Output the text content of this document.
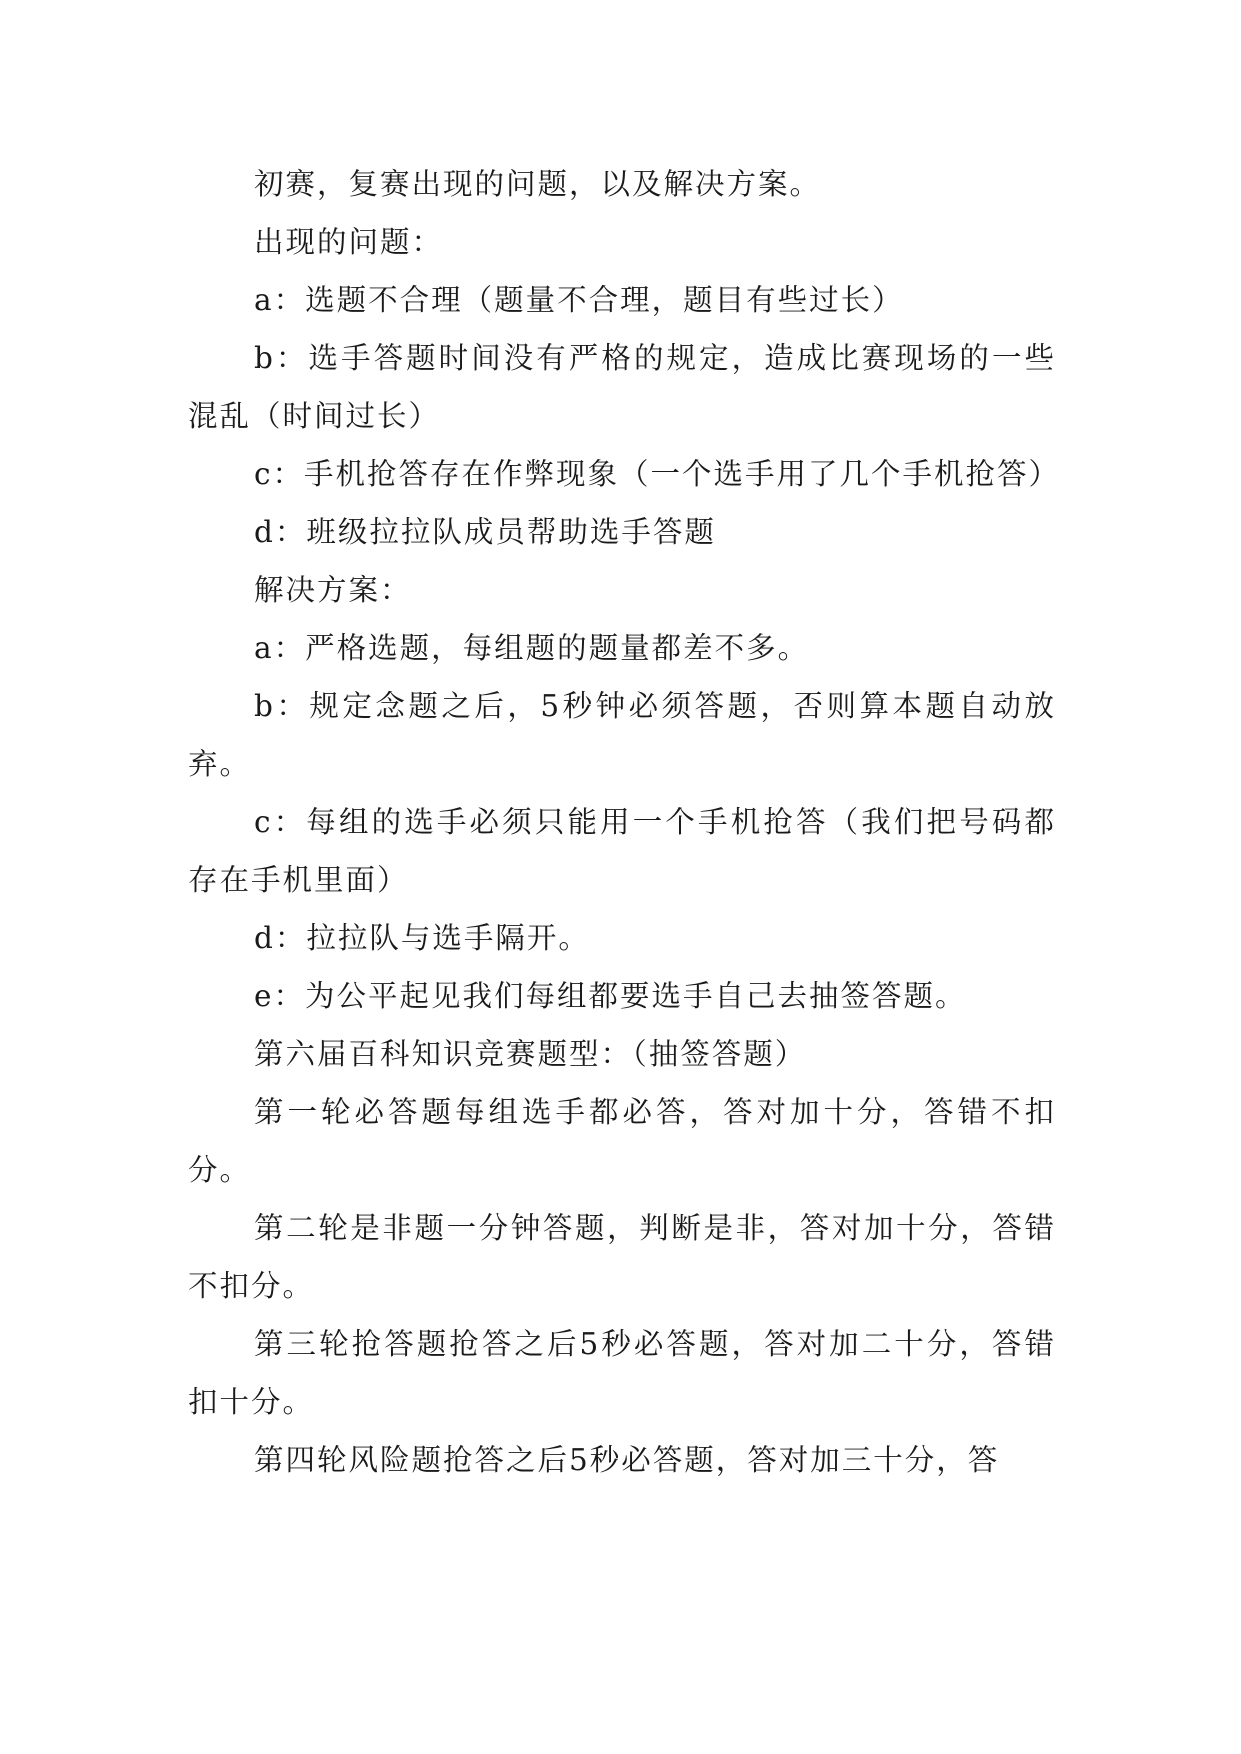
初赛，复赛出现的问题，以及解决方案。

出现的问题：

a：选题不合理（题量不合理，题目有些过长）

b：选手答题时间没有严格的规定，造成比赛现场的一些混乱（时间过长）

c：手机抢答存在作弊现象（一个选手用了几个手机抢答）

d：班级拉拉队成员帮助选手答题

解决方案：

a：严格选题，每组题的题量都差不多。

b：规定念题之后，5秒钟必须答题，否则算本题自动放弃。

c：每组的选手必须只能用一个手机抢答（我们把号码都存在手机里面）

d：拉拉队与选手隔开。

e：为公平起见我们每组都要选手自己去抽签答题。

第六届百科知识竞赛题型：（抽签答题）

第一轮必答题每组选手都必答，答对加十分，答错不扣分。

第二轮是非题一分钟答题，判断是非，答对加十分，答错不扣分。

第三轮抢答题抢答之后5秒必答题，答对加二十分，答错扣十分。

第四轮风险题抢答之后5秒必答题，答对加三十分，答
